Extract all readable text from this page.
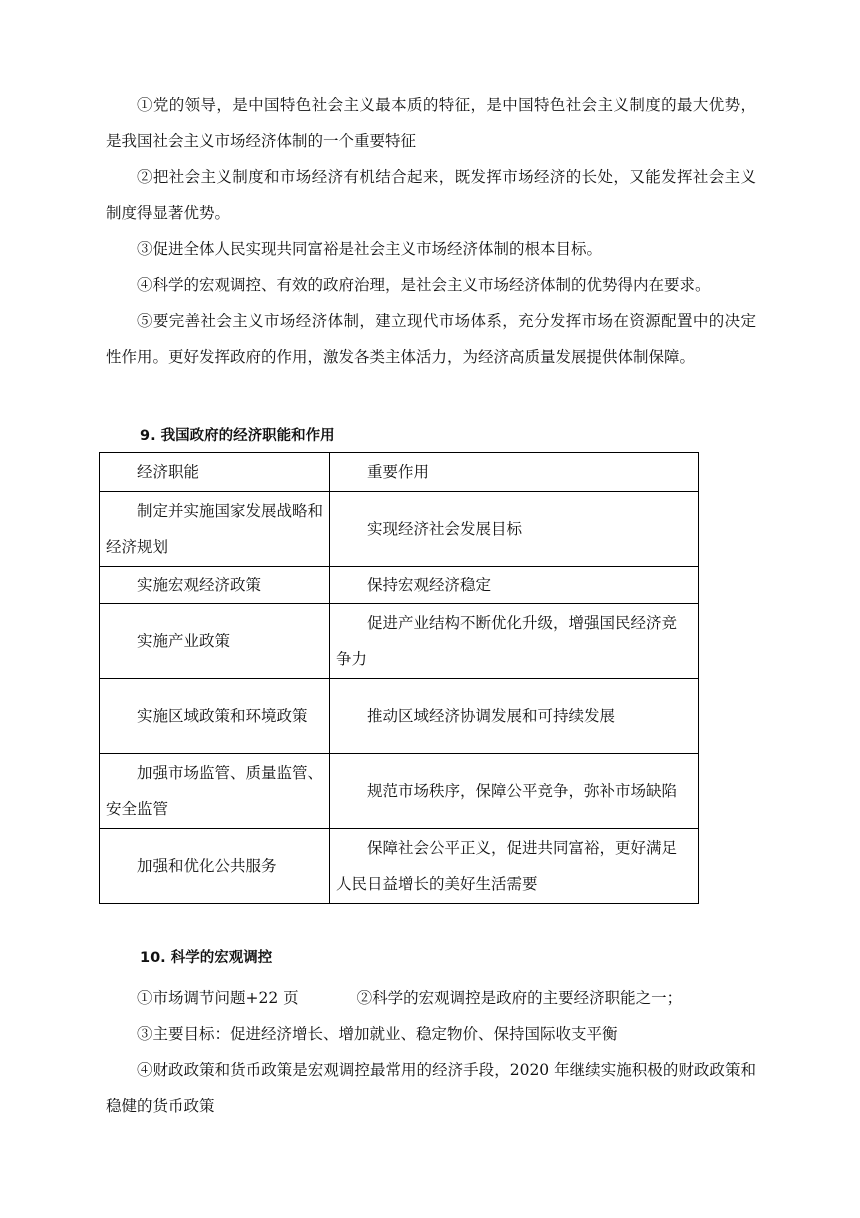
①党的领导，是中国特色社会主义最本质的特征，是中国特色社会主义制度的最大优势，是我国社会主义市场经济体制的一个重要特征

②把社会主义制度和市场经济有机结合起来，既发挥市场经济的长处，又能发挥社会主义制度得显著优势。

③促进全体人民实现共同富裕是社会主义市场经济体制的根本目标。

④科学的宏观调控、有效的政府治理，是社会主义市场经济体制的优势得内在要求。

⑤要完善社会主义市场经济体制，建立现代市场体系，充分发挥市场在资源配置中的决定性作用。更好发挥政府的作用，激发各类主体活力，为经济高质量发展提供体制保障。

9. 我国政府的经济职能和作用
经济职能	重要作用
制定并实施国家发展战略和经济规划	实现经济社会发展目标
实施宏观经济政策	保持宏观经济稳定
实施产业政策	促进产业结构不断优化升级，增强国民经济竞争力
实施区域政策和环境政策	推动区域经济协调发展和可持续发展
加强市场监管、质量监管、安全监管	规范市场秩序，保障公平竞争，弥补市场缺陷
加强和优化公共服务	保障社会公平正义，促进共同富裕，更好满足人民日益增长的美好生活需要
10. 科学的宏观调控

①市场调节问题+22 页	②科学的宏观调控是政府的主要经济职能之一；

③主要目标：促进经济增长、增加就业、稳定物价、保持国际收支平衡

④财政政策和货币政策是宏观调控最常用的经济手段，2020 年继续实施积极的财政政策和稳健的货币政策
